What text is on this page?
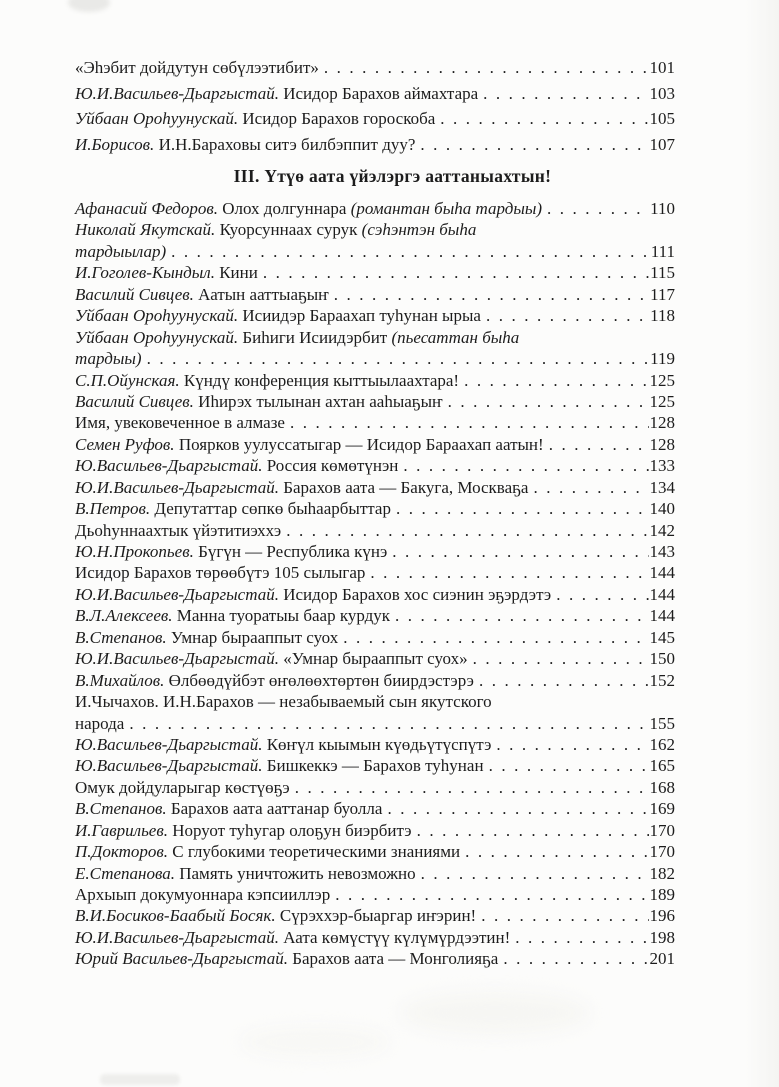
«Эһэбит дойдутун сөбүлээтибит» .....	101
Ю.И.Васильев-Дьаргыстай. Исидор Барахов аймахтара .....	103
Уйбаан Ороһуунускай. Исидор Барахов гороскоба .....	105
И.Борисов. И.Н.Бараховы ситэ билбэппит дуу? .....	107
III. Үтүө аата үйэлэргэ ааттаныахтын!
Афанасий Федоров. Олох долгуннара (романтан быһа тардыы) .....	110
Николай Якутскай. Куорсуннаах сурук (сэһэнтэн быһа
тардыылар) .....	111
И.Гоголев-Кындыл. Кини .....	115
Василий Сивцев. Аатын ааттыаҕыҥ .....	117
Уйбаан Ороһуунускай. Исиидэр Бараахап туһунан ырыа .....	118
Уйбаан Ороһуунускай. Биһиги Исиидэрбит (пьесаттан быһа
тардыы) .....	119
С.П.Ойунская. Күндү конференция кыттыылаахтара! .....	125
Василий Сивцев. Иһирэх тылынан ахтан ааһыаҕыҥ .....	125
Имя, увековеченное в алмазе .....	128
Семен Руфов. Поярков уулуссатыгар — Исидор Бараахап аатын! .....	128
Ю.Васильев-Дьаргыстай. Россия көмөтүнэн .....	133
Ю.И.Васильев-Дьаргыстай. Барахов аата — Бакуга, Москваҕа .....	134
В.Петров. Депутаттар сөпкө быһаарбыттар .....	140
Дьоһуннаахтык үйэтитиэххэ .....	142
Ю.Н.Прокопьев. Бүгүн — Республика күнэ .....	143
Исидор Барахов төрөөбүтэ 105 сылыгар .....	144
Ю.И.Васильев-Дьаргыстай. Исидор Барахов хос сиэнин эҕэрдэтэ .....	144
В.Л.Алексеев. Манна туоратыы баар курдук .....	144
В.Степанов. Умнар бырааппыт суох .....	145
Ю.И.Васильев-Дьаргыстай. «Умнар бырааппыт суох» .....	150
В.Михайлов. Өлбөөдүйбэт өҥөлөөхтөртөн биирдэстэрэ .....	152
И.Чычахов. И.Н.Барахов — незабываемый сын якутского
народа .....	155
Ю.Васильев-Дьаргыстай. Көҥүл кыымын күөдьүтүспүтэ .....	162
Ю.Васильев-Дьаргыстай. Бишкеккэ — Барахов туһунан .....	165
Омук дойдуларыгар көстүөҕэ .....	168
В.Степанов. Барахов аата ааттанар буолла .....	169
И.Гаврильев. Норуот туһугар олоҕун биэрбитэ .....	170
П.Докторов. С глубокими теоретическими знаниями .....	170
Е.Степанова. Память уничтожить невозможно .....	182
Архыып докумуоннара кэпсииллэр .....	189
В.И.Босиков-Баабый Босяк. Сүрэххэр-быаргар иҥэрин! .....	196
Ю.И.Васильев-Дьаргыстай. Аата көмүстүү күлүмүрдээтин! .....	198
Юрий Васильев-Дьаргыстай. Барахов аата — Монголияҕа .....	201
